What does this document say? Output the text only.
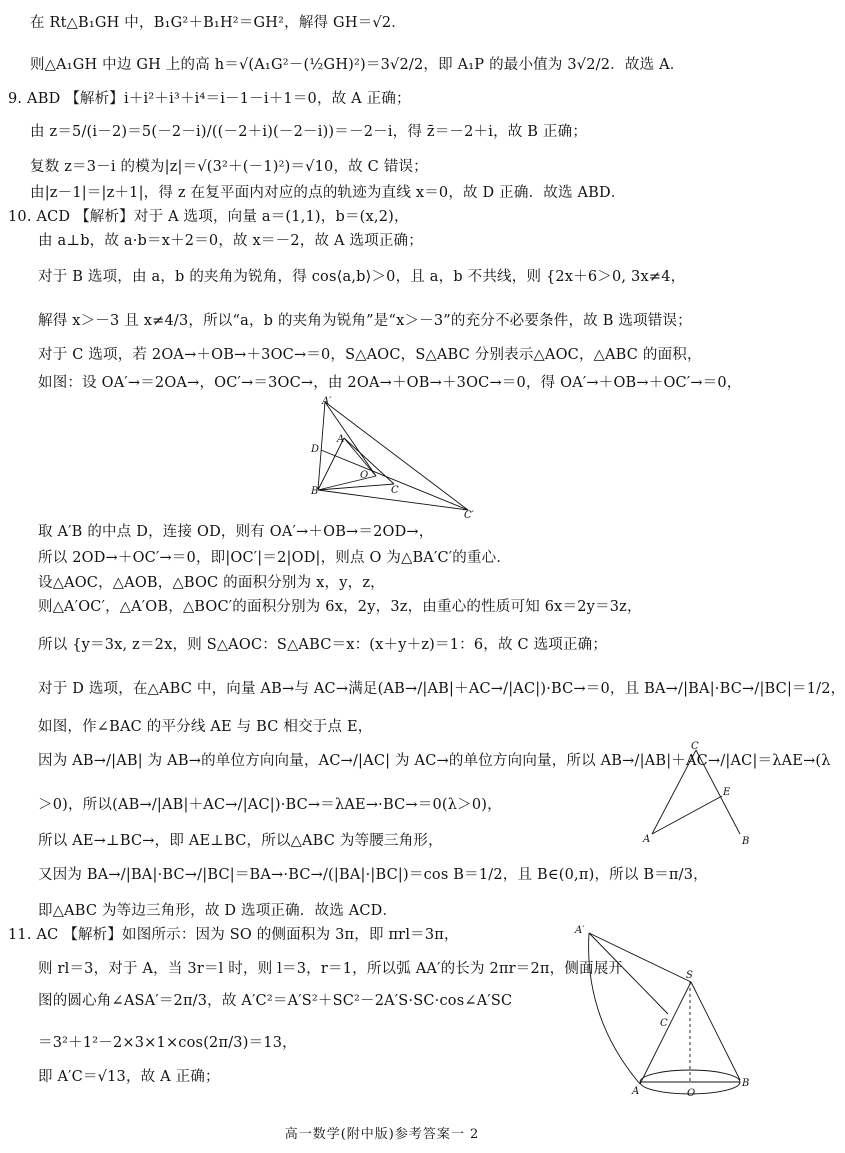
在 Rt△B₁GH 中，B₁G²＋B₁H²＝GH²，解得 GH＝√2．
则△A₁GH 中边 GH 上的高 h＝√(A₁G²－(½GH)²)＝3√2/2，即 A₁P 的最小值为 3√2/2．故选 A．
9. ABD 【解析】i＋i²＋i³＋i⁴＝i－1－i＋1＝0，故 A 正确；
由 z＝5/(i－2)＝5(－2－i)/((－2＋i)(－2－i))＝－2－i，得 z̄＝－2＋i，故 B 正确；
复数 z＝3－i 的模为|z|＝√(3²＋(－1)²)＝√10，故 C 错误；
由|z－1|＝|z＋1|，得 z 在复平面内对应的点的轨迹为直线 x＝0，故 D 正确．故选 ABD．
10. ACD 【解析】对于 A 选项，向量 a＝(1,1)，b＝(x,2)，
由 a⊥b，故 a·b＝x＋2＝0，故 x＝－2，故 A 选项正确；
对于 B 选项，由 a，b 的夹角为锐角，得 cos⟨a,b⟩＞0，且 a，b 不共线，则 {2x＋6＞0, 3x≠4，
解得 x＞－3 且 x≠4/3，所以“a，b 的夹角为锐角”是“x＞－3”的充分不必要条件，故 B 选项错误；
对于 C 选项，若 2OA→＋OB→＋3OC→＝0，S△AOC，S△ABC 分别表示△AOC，△ABC 的面积，
如图：设 OA′→＝2OA→，OC′→＝3OC→，由 2OA→＋OB→＋3OC→＝0，得 OA′→＋OB→＋OC′→＝0，
A′
D
A
O
B	C
C′
取 A′B 的中点 D，连接 OD，则有 OA′→＋OB→＝2OD→，
所以 2OD→＋OC′→＝0，即|OC′|＝2|OD|，则点 O 为△BA′C′的重心．
设△AOC，△AOB，△BOC 的面积分别为 x，y，z，
则△A′OC′，△A′OB，△BOC′的面积分别为 6x，2y，3z，由重心的性质可知 6x＝2y＝3z，
所以 {y＝3x, z＝2x，则 S△AOC：S△ABC＝x：(x＋y＋z)＝1：6，故 C 选项正确；
对于 D 选项，在△ABC 中，向量 AB→与 AC→满足(AB→/|AB|＋AC→/|AC|)·BC→＝0，且 BA→/|BA|·BC→/|BC|＝1/2，
如图，作∠BAC 的平分线 AE 与 BC 相交于点 E，
因为 AB→/|AB| 为 AB→的单位方向向量，AC→/|AC| 为 AC→的单位方向向量，所以 AB→/|AB|＋AC→/|AC|＝λAE→(λ
＞0)，所以(AB→/|AB|＋AC→/|AC|)·BC→＝λAE→·BC→＝0(λ＞0)，
所以 AE→⊥BC→，即 AE⊥BC，所以△ABC 为等腰三角形，
C
E
A	B
又因为 BA→/|BA|·BC→/|BC|＝BA→·BC→/(|BA|·|BC|)＝cos B＝1/2，且 B∈(0,π)，所以 B＝π/3，
即△ABC 为等边三角形，故 D 选项正确．故选 ACD．
11. AC 【解析】如图所示：因为 SO 的侧面积为 3π，即 πrl＝3π，
则 rl＝3，对于 A，当 3r＝l 时，则 l＝3，r＝1，所以弧 AA′的长为 2πr＝2π，侧面展开
图的圆心角∠ASA′＝2π/3，故 A′C²＝A′S²＋SC²－2A′S·SC·cos∠A′SC
＝3²＋1²－2×3×1×cos(2π/3)＝13，
即 A′C＝√13，故 A 正确；
A′
S
C
A	O
B
高一数学(附中版)参考答案一 2
